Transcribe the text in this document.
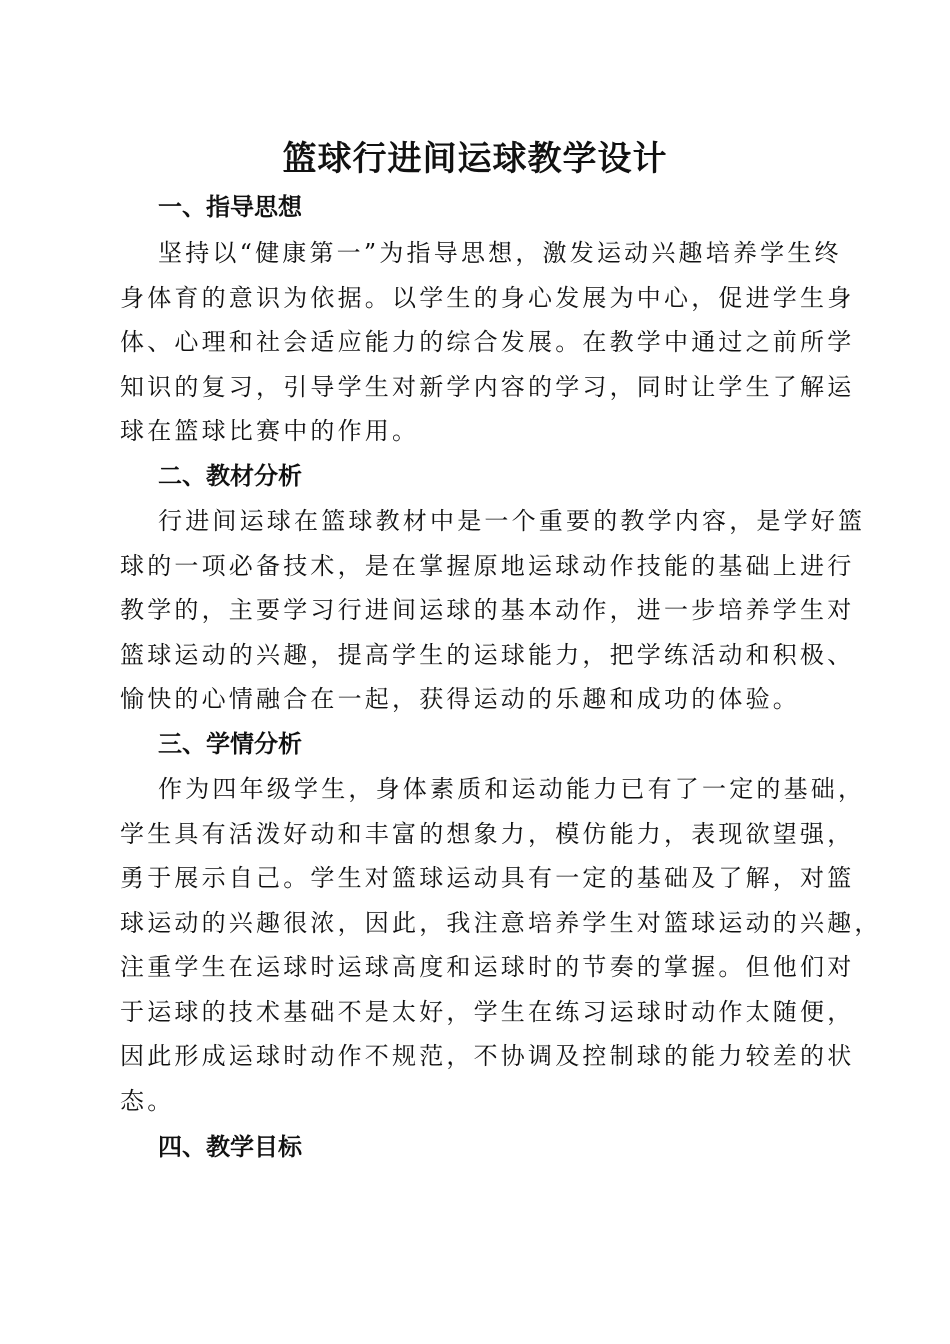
篮球行进间运球教学设计
一、指导思想
坚持以“健康第一”为指导思想，激发运动兴趣培养学生终
身体育的意识为依据。以学生的身心发展为中心，促进学生身
体、心理和社会适应能力的综合发展。在教学中通过之前所学
知识的复习，引导学生对新学内容的学习，同时让学生了解运
球在篮球比赛中的作用。
二、教材分析
行进间运球在篮球教材中是一个重要的教学内容，是学好篮
球的一项必备技术，是在掌握原地运球动作技能的基础上进行
教学的，主要学习行进间运球的基本动作，进一步培养学生对
篮球运动的兴趣，提高学生的运球能力，把学练活动和积极、
愉快的心情融合在一起，获得运动的乐趣和成功的体验。
三、学情分析
作为四年级学生，身体素质和运动能力已有了一定的基础，
学生具有活泼好动和丰富的想象力，模仿能力，表现欲望强，
勇于展示自己。学生对篮球运动具有一定的基础及了解，对篮
球运动的兴趣很浓，因此，我注意培养学生对篮球运动的兴趣，
注重学生在运球时运球高度和运球时的节奏的掌握。但他们对
于运球的技术基础不是太好，学生在练习运球时动作太随便，
因此形成运球时动作不规范，不协调及控制球的能力较差的状
态。
四、教学目标
